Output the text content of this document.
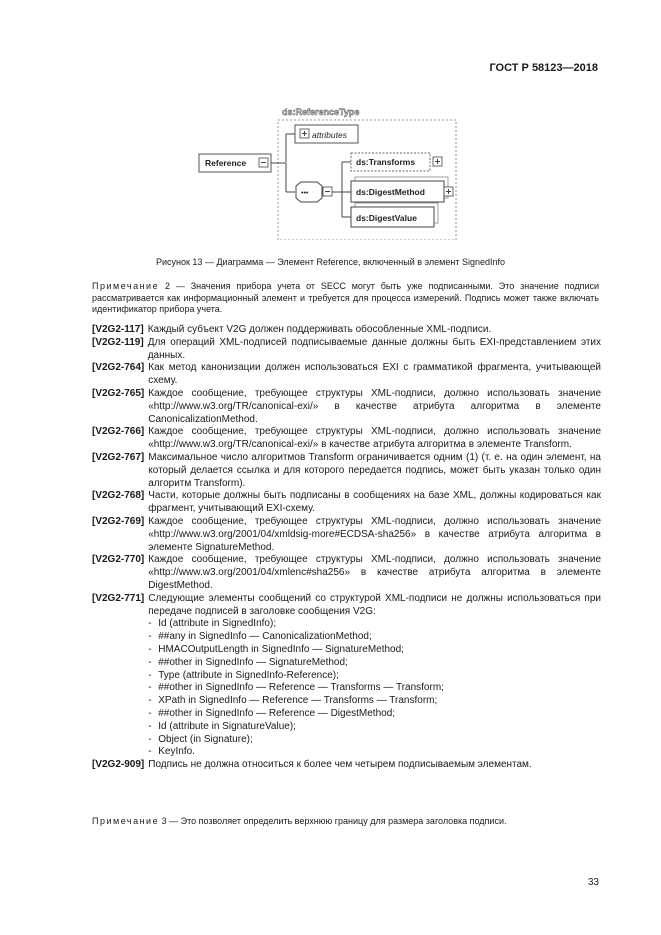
ГОСТ Р 58123—2018
ds:ReferenceType
attributes
Reference
•••
ds:Transforms
ds:DigestMethod
ds:DigestValue
Рисунок 13 — Диаграмма — Элемент Reference, включенный в элемент SignedInfo
Примечание 2 — Значения прибора учета от SECC могут быть уже подписанными. Это значение подписи рассматривается как информационный элемент и требуется для процесса измерений. Подпись может также включать идентификатор прибора учета.
[V2G2-117] Каждый субъект V2G должен поддерживать обособленные XML-подписи.
[V2G2-119] Для операций XML-подписей подписываемые данные должны быть EXI-представлением этих данных.
[V2G2-764] Как метод канонизации должен использоваться EXI с грамматикой фрагмента, учитывающей схему.
[V2G2-765] Каждое сообщение, требующее структуры XML-подписи, должно использовать значение «http://www.w3.org/TR/canonical-exi/» в качестве атрибута алгоритма в элементе CanonicalizationMethod.
[V2G2-766] Каждое сообщение, требующее структуры XML-подписи, должно использовать значение «http://www.w3.org/TR/canonical-exi/» в качестве атрибута алгоритма в элементе Transform.
[V2G2-767] Максимальное число алгоритмов Transform ограничивается одним (1) (т. е. на один элемент, на который делается ссылка и для которого передается подпись, может быть указан только один алгоритм Transform).
[V2G2-768] Части, которые должны быть подписаны в сообщениях на базе XML, должны кодироваться как фрагмент, учитывающий EXI-схему.
[V2G2-769] Каждое сообщение, требующее структуры XML-подписи, должно использовать значение «http://www.w3.org/2001/04/xmldsig-more#ECDSA-sha256» в качестве атрибута алгоритма в элементе SignatureMethod.
[V2G2-770] Каждое сообщение, требующее структуры XML-подписи, должно использовать значение «http://www.w3.org/2001/04/xmlenc#sha256» в качестве атрибута алгоритма в элементе DigestMethod.
[V2G2-771] Следующие элементы сообщений со структурой XML-подписи не должны использоваться при передаче подписей в заголовке сообщения V2G:
- Id (attribute in SignedInfo);
- ##any in SignedInfo — CanonicalizationMethod;
- HMACOutputLength in SignedInfo — SignatureMethod;
- ##other in SignedInfo — SignatureMethod;
- Type (attribute in SignedInfo-Reference);
- ##other in SignedInfo — Reference — Transforms — Transform;
- XPath in SignedInfo — Reference — Transforms — Transform;
- ##other in SignedInfo — Reference — DigestMethod;
- Id (attribute in SignatureValue);
- Object (in Signature);
- KeyInfo.
[V2G2-909] Подпись не должна относиться к более чем четырем подписываемым элементам.
Примечание 3 — Это позволяет определить верхнюю границу для размера заголовка подписи.
33
